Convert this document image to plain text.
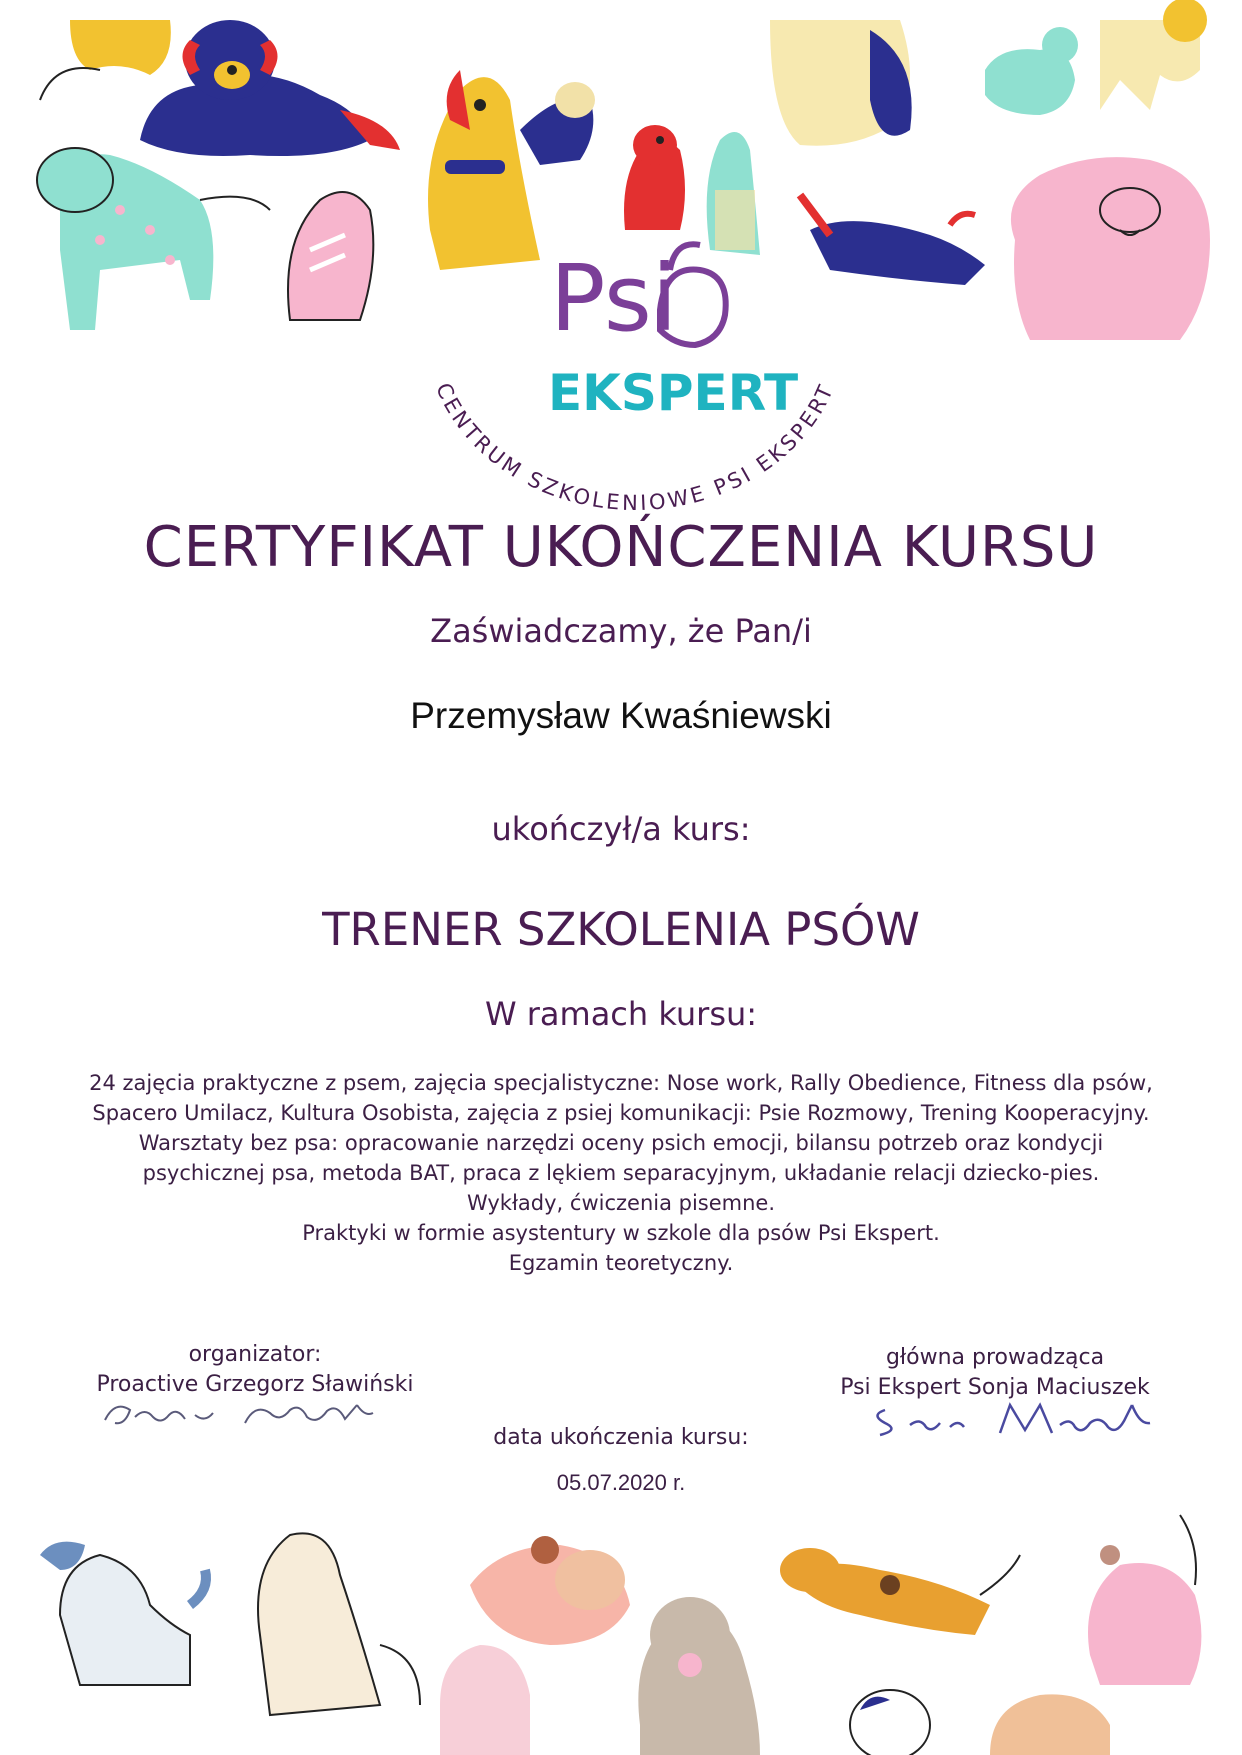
Psi
EKSPERT
CENTRUM SZKOLENIOWE PSI EKSPERT
CERTYFIKAT UKOŃCZENIA KURSU
Zaświadczamy, że Pan/i
Przemysław Kwaśniewski
ukończył/a kurs:
TRENER SZKOLENIA PSÓW
W ramach kursu:
24 zajęcia praktyczne z psem, zajęcia specjalistyczne: Nose work, Rally Obedience, Fitness dla psów,
Spacero Umilacz, Kultura Osobista, zajęcia z psiej komunikacji: Psie Rozmowy, Trening Kooperacyjny.
Warsztaty bez psa: opracowanie narzędzi oceny psich emocji, bilansu potrzeb oraz kondycji
psychicznej psa, metoda BAT, praca z lękiem separacyjnym, układanie relacji dziecko-pies.
Wykłady, ćwiczenia pisemne.
Praktyki w formie asystentury w szkole dla psów Psi Ekspert.
Egzamin teoretyczny.
organizator:
Proactive Grzegorz Sławiński
główna prowadząca
Psi Ekspert Sonja Maciuszek
data ukończenia kursu:
05.07.2020 r.
